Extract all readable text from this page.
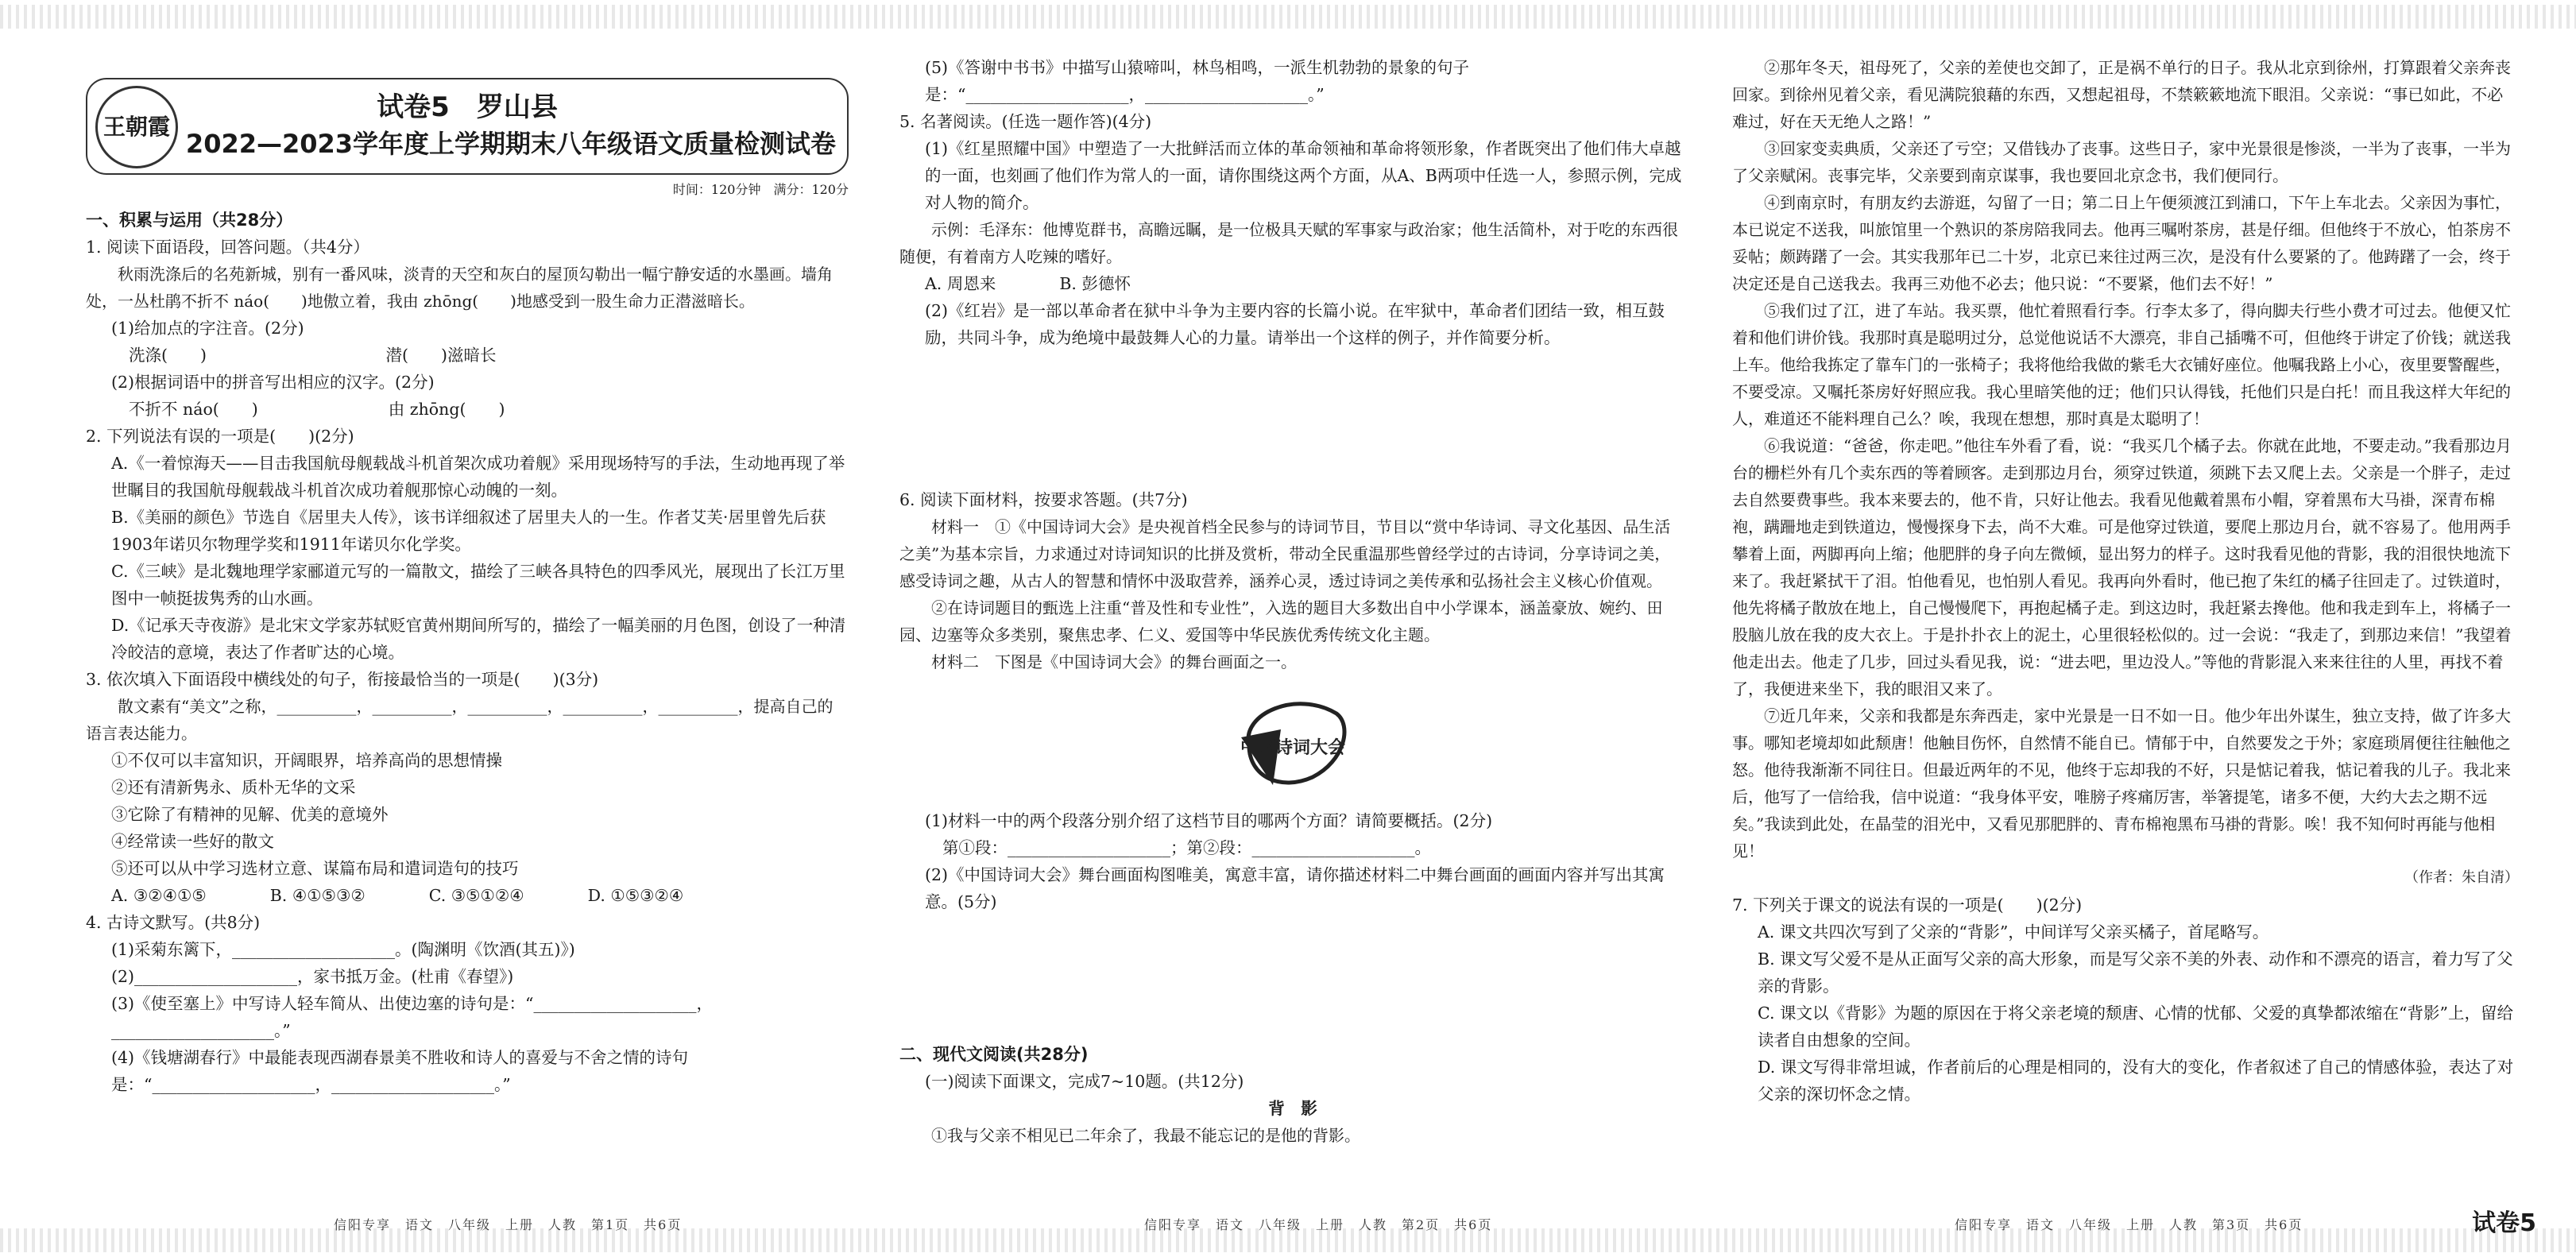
王朝霞
试卷5　罗山县
2022—2023学年度上学期期末八年级语文质量检测试卷
时间：120分钟　满分：120分

一、积累与运用（共28分）

1. 阅读下面语段，回答问题。（共4分）

秋雨洗涤后的名苑新城，别有一番风味，淡青的天空和灰白的屋顶勾勒出一幅宁静安适的水墨画。墙角处，一丛杜鹃不折不 náo(　　)地傲立着，我由 zhōng(　　)地感受到一股生命力正潜滋暗长。

(1)给加点的字注音。(2分)

洗涤(　　)　　　　　　　　　　　潜(　　)滋暗长

(2)根据词语中的拼音写出相应的汉字。(2分)

不折不 náo(　　)　　　　　　　　由 zhōng(　　)

2. 下列说法有误的一项是(　　)(2分)

A.《一着惊海天——目击我国航母舰载战斗机首架次成功着舰》采用现场特写的手法，生动地再现了举世瞩目的我国航母舰载战斗机首次成功着舰那惊心动魄的一刻。

B.《美丽的颜色》节选自《居里夫人传》，该书详细叙述了居里夫人的一生。作者艾芙·居里曾先后获1903年诺贝尔物理学奖和1911年诺贝尔化学奖。

C.《三峡》是北魏地理学家郦道元写的一篇散文，描绘了三峡各具特色的四季风光，展现出了长江万里图中一帧挺拔隽秀的山水画。

D.《记承天寺夜游》是北宋文学家苏轼贬官黄州期间所写的，描绘了一幅美丽的月色图，创设了一种清冷皎洁的意境，表达了作者旷达的心境。

3. 依次填入下面语段中横线处的句子，衔接最恰当的一项是(　　)(3分)

散文素有“美文”之称，__________，__________，__________，__________，__________，提高自己的语言表达能力。

①不仅可以丰富知识，开阔眼界，培养高尚的思想情操

②还有清新隽永、质朴无华的文采

③它除了有精神的见解、优美的意境外

④经常读一些好的散文

⑤还可以从中学习选材立意、谋篇布局和遣词造句的技巧

A. ③②④①⑤	B. ④①⑤③②	C. ③⑤①②④	D. ①⑤③②④

4. 古诗文默写。(共8分)

(1)采菊东篱下，____________________。(陶渊明《饮酒(其五)》)

(2)____________________，家书抵万金。(杜甫《春望》)

(3)《使至塞上》中写诗人轻车简从、出使边塞的诗句是：“____________________，____________________。”

(4)《钱塘湖春行》中最能表现西湖春景美不胜收和诗人的喜爱与不舍之情的诗句是：“____________________，____________________。”

(5)《答谢中书书》中描写山猿啼叫，林鸟相鸣，一派生机勃勃的景象的句子是：“____________________，____________________。”

5. 名著阅读。(任选一题作答)(4分)

(1)《红星照耀中国》中塑造了一大批鲜活而立体的革命领袖和革命将领形象，作者既突出了他们伟大卓越的一面，也刻画了他们作为常人的一面，请你围绕这两个方面，从A、B两项中任选一人，参照示例，完成对人物的简介。

示例：毛泽东：他博览群书，高瞻远瞩，是一位极具天赋的军事家与政治家；他生活简朴，对于吃的东西很随便，有着南方人吃辣的嗜好。

A. 周恩来	B. 彭德怀

(2)《红岩》是一部以革命者在狱中斗争为主要内容的长篇小说。在牢狱中，革命者们团结一致，相互鼓励，共同斗争，成为绝境中最鼓舞人心的力量。请举出一个这样的例子，并作简要分析。

6. 阅读下面材料，按要求答题。(共7分)

材料一　①《中国诗词大会》是央视首档全民参与的诗词节目，节目以“赏中华诗词、寻文化基因、品生活之美”为基本宗旨，力求通过对诗词知识的比拼及赏析，带动全民重温那些曾经学过的古诗词，分享诗词之美，感受诗词之趣，从古人的智慧和情怀中汲取营养，涵养心灵，透过诗词之美传承和弘扬社会主义核心价值观。

②在诗词题目的甄选上注重“普及性和专业性”，入选的题目大多数出自中小学课本，涵盖豪放、婉约、田园、边塞等众多类别，聚焦忠孝、仁义、爱国等中华民族优秀传统文化主题。

材料二　下图是《中国诗词大会》的舞台画面之一。

中国诗词大会

(1)材料一中的两个段落分别介绍了这档节目的哪两个方面？请简要概括。(2分)

第①段：____________________；第②段：____________________。

(2)《中国诗词大会》舞台画面构图唯美，寓意丰富，请你描述材料二中舞台画面的画面内容并写出其寓意。(5分)

二、现代文阅读(共28分)

(一)阅读下面课文，完成7~10题。(共12分)

背　影

①我与父亲不相见已二年余了，我最不能忘记的是他的背影。

②那年冬天，祖母死了，父亲的差使也交卸了，正是祸不单行的日子。我从北京到徐州，打算跟着父亲奔丧回家。到徐州见着父亲，看见满院狼藉的东西，又想起祖母，不禁簌簌地流下眼泪。父亲说：“事已如此，不必难过，好在天无绝人之路！”

③回家变卖典质，父亲还了亏空；又借钱办了丧事。这些日子，家中光景很是惨淡，一半为了丧事，一半为了父亲赋闲。丧事完毕，父亲要到南京谋事，我也要回北京念书，我们便同行。

④到南京时，有朋友约去游逛，勾留了一日；第二日上午便须渡江到浦口，下午上车北去。父亲因为事忙，本已说定不送我，叫旅馆里一个熟识的茶房陪我同去。他再三嘱咐茶房，甚是仔细。但他终于不放心，怕茶房不妥帖；颇踌躇了一会。其实我那年已二十岁，北京已来往过两三次，是没有什么要紧的了。他踌躇了一会，终于决定还是自己送我去。我再三劝他不必去；他只说：“不要紧，他们去不好！”

⑤我们过了江，进了车站。我买票，他忙着照看行李。行李太多了，得向脚夫行些小费才可过去。他便又忙着和他们讲价钱。我那时真是聪明过分，总觉他说话不大漂亮，非自己插嘴不可，但他终于讲定了价钱；就送我上车。他给我拣定了靠车门的一张椅子；我将他给我做的紫毛大衣铺好座位。他嘱我路上小心，夜里要警醒些，不要受凉。又嘱托茶房好好照应我。我心里暗笑他的迂；他们只认得钱，托他们只是白托！而且我这样大年纪的人，难道还不能料理自己么？唉，我现在想想，那时真是太聪明了！

⑥我说道：“爸爸，你走吧。”他往车外看了看，说：“我买几个橘子去。你就在此地，不要走动。”我看那边月台的栅栏外有几个卖东西的等着顾客。走到那边月台，须穿过铁道，须跳下去又爬上去。父亲是一个胖子，走过去自然要费事些。我本来要去的，他不肯，只好让他去。我看见他戴着黑布小帽，穿着黑布大马褂，深青布棉袍，蹒跚地走到铁道边，慢慢探身下去，尚不大难。可是他穿过铁道，要爬上那边月台，就不容易了。他用两手攀着上面，两脚再向上缩；他肥胖的身子向左微倾，显出努力的样子。这时我看见他的背影，我的泪很快地流下来了。我赶紧拭干了泪。怕他看见，也怕别人看见。我再向外看时，他已抱了朱红的橘子往回走了。过铁道时，他先将橘子散放在地上，自己慢慢爬下，再抱起橘子走。到这边时，我赶紧去搀他。他和我走到车上，将橘子一股脑儿放在我的皮大衣上。于是扑扑衣上的泥土，心里很轻松似的。过一会说：“我走了，到那边来信！”我望着他走出去。他走了几步，回过头看见我，说：“进去吧，里边没人。”等他的背影混入来来往往的人里，再找不着了，我便进来坐下，我的眼泪又来了。

⑦近几年来，父亲和我都是东奔西走，家中光景是一日不如一日。他少年出外谋生，独立支持，做了许多大事。哪知老境却如此颓唐！他触目伤怀，自然情不能自已。情郁于中，自然要发之于外；家庭琐屑便往往触他之怒。他待我渐渐不同往日。但最近两年的不见，他终于忘却我的不好，只是惦记着我，惦记着我的儿子。我北来后，他写了一信给我，信中说道：“我身体平安，唯膀子疼痛厉害，举箸提笔，诸多不便，大约大去之期不远矣。”我读到此处，在晶莹的泪光中，又看见那肥胖的、青布棉袍黑布马褂的背影。唉！我不知何时再能与他相见！

（作者：朱自清）

7. 下列关于课文的说法有误的一项是(　　)(2分)

A. 课文共四次写到了父亲的“背影”，中间详写父亲买橘子，首尾略写。

B. 课文写父爱不是从正面写父亲的高大形象，而是写父亲不美的外表、动作和不漂亮的语言，着力写了父亲的背影。

C. 课文以《背影》为题的原因在于将父亲老境的颓唐、心情的忧郁、父爱的真挚都浓缩在“背影”上，留给读者自由想象的空间。

D. 课文写得非常坦诚，作者前后的心理是相同的，没有大的变化，作者叙述了自己的情感体验，表达了对父亲的深切怀念之情。

信阳专享　语文　八年级　上册　人教　第1页　共6页	信阳专享　语文　八年级　上册　人教　第2页　共6页	信阳专享　语文　八年级　上册　人教　第3页　共6页	试卷5
